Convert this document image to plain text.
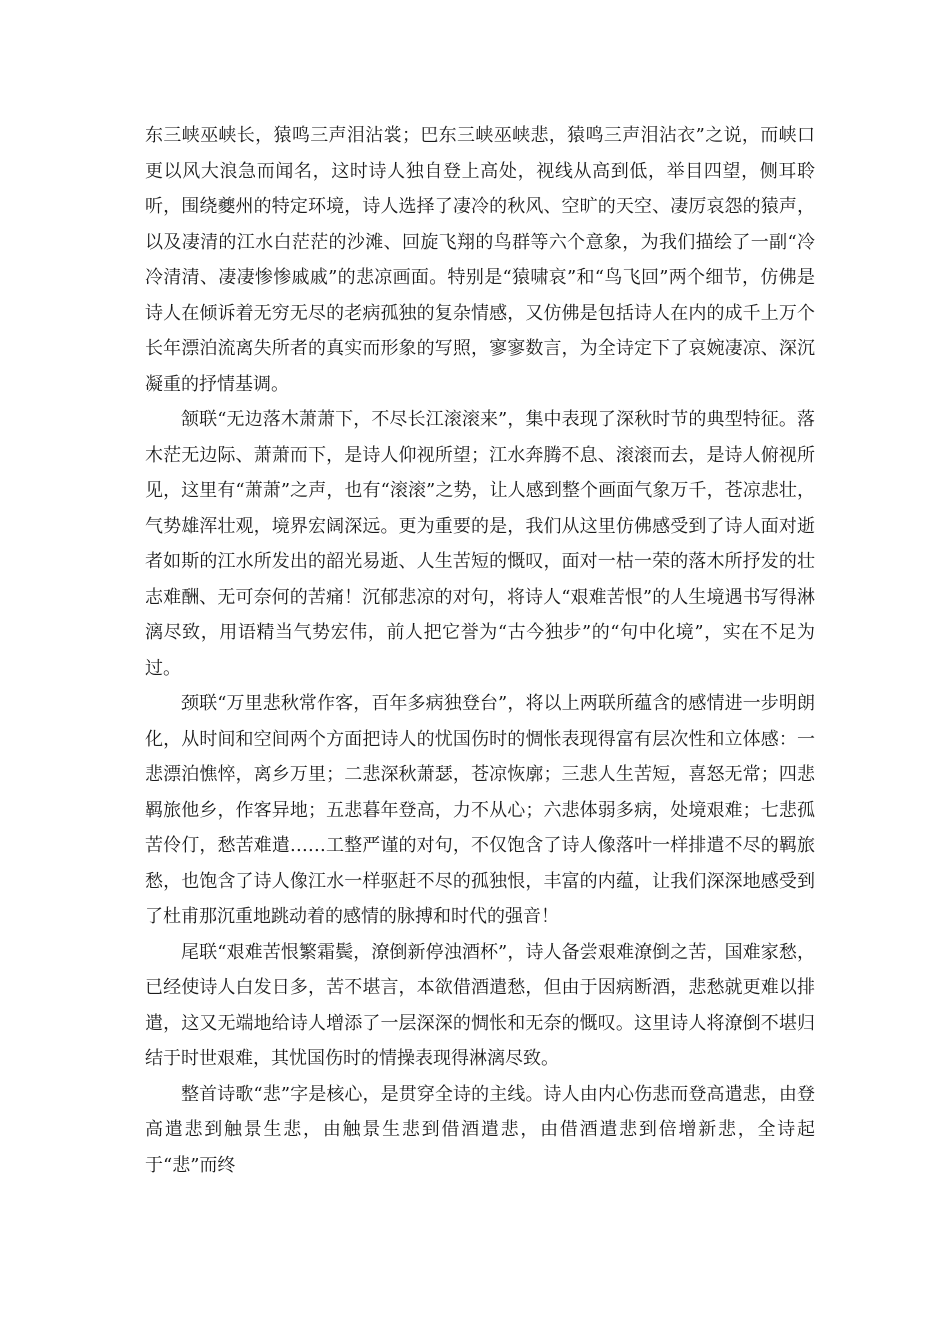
东三峡巫峡长，猿鸣三声泪沾裳；巴东三峡巫峡悲，猿鸣三声泪沾衣”之说，而峡口更以风大浪急而闻名，这时诗人独自登上高处，视线从高到低，举目四望，侧耳聆听，围绕夔州的特定环境，诗人选择了凄冷的秋风、空旷的天空、凄厉哀怨的猿声，以及凄清的江水白茫茫的沙滩、回旋飞翔的鸟群等六个意象，为我们描绘了一副“冷冷清清、凄凄惨惨戚戚”的悲凉画面。特别是“猿啸哀”和“鸟飞回”两个细节，仿佛是诗人在倾诉着无穷无尽的老病孤独的复杂情感，又仿佛是包括诗人在内的成千上万个长年漂泊流离失所者的真实而形象的写照，寥寥数言，为全诗定下了哀婉凄凉、深沉凝重的抒情基调。

颔联“无边落木萧萧下，不尽长江滚滚来”，集中表现了深秋时节的典型特征。落木茫无边际、萧萧而下，是诗人仰视所望；江水奔腾不息、滚滚而去，是诗人俯视所见，这里有“萧萧”之声，也有“滚滚”之势，让人感到整个画面气象万千，苍凉悲壮，气势雄浑壮观，境界宏阔深远。更为重要的是，我们从这里仿佛感受到了诗人面对逝者如斯的江水所发出的韶光易逝、人生苦短的慨叹，面对一枯一荣的落木所抒发的壮志难酬、无可奈何的苦痛！沉郁悲凉的对句，将诗人“艰难苦恨”的人生境遇书写得淋漓尽致，用语精当气势宏伟，前人把它誉为“古今独步”的“句中化境”，实在不足为过。

颈联“万里悲秋常作客，百年多病独登台”，将以上两联所蕴含的感情进一步明朗化，从时间和空间两个方面把诗人的忧国伤时的惆怅表现得富有层次性和立体感：一悲漂泊憔悴，离乡万里；二悲深秋萧瑟，苍凉恢廓；三悲人生苦短，喜怒无常；四悲羁旅他乡，作客异地；五悲暮年登高，力不从心；六悲体弱多病，处境艰难；七悲孤苦伶仃，愁苦难遣……工整严谨的对句，不仅饱含了诗人像落叶一样排遣不尽的羁旅愁，也饱含了诗人像江水一样驱赶不尽的孤独恨，丰富的内蕴，让我们深深地感受到了杜甫那沉重地跳动着的感情的脉搏和时代的强音！

尾联“艰难苦恨繁霜鬓，潦倒新停浊酒杯”，诗人备尝艰难潦倒之苦，国难家愁，已经使诗人白发日多，苦不堪言，本欲借酒遣愁，但由于因病断酒，悲愁就更难以排遣，这又无端地给诗人增添了一层深深的惆怅和无奈的慨叹。这里诗人将潦倒不堪归结于时世艰难，其忧国伤时的情操表现得淋漓尽致。

整首诗歌“悲”字是核心，是贯穿全诗的主线。诗人由内心伤悲而登高遣悲，由登高遣悲到触景生悲，由触景生悲到借酒遣悲，由借酒遣悲到倍增新悲，全诗起于“悲”而终
